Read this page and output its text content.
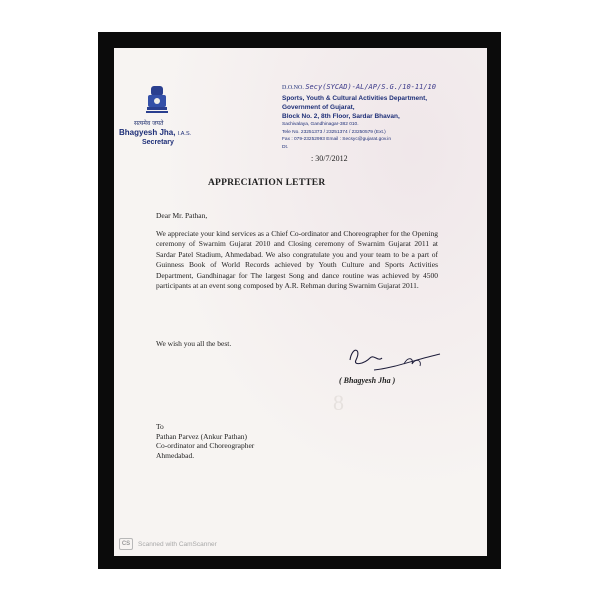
सत्यमेव जयते
Bhagyesh Jha, I.A.S.
Secretary
D.O.NO. Secy(SYCAD)-AL/AP/S.G./10-11/10
Sports, Youth & Cultural Activities Department,
Government of Gujarat,
Block No. 2, 8th Floor, Sardar Bhavan,
Sachivalaya, Gandhinagar-382 010.
Tele No. 23251373 / 23251374 / 23250579 (Ext.)
Fax : 079-23252993 Email : Secsyc@gujarat.gov.in
Dt.
: 30/7/2012
APPRECIATION LETTER
Dear Mr. Pathan,
We appreciate your kind services as a Chief Co-ordinator and Choreographer for the Opening ceremony of Swarnim Gujarat 2010 and Closing ceremony of Swarnim Gujarat 2011 at Sardar Patel Stadium, Ahmedabad. We also congratulate you and your team to be a part of Guinness Book of World Records achieved by Youth Culture and Sports Activities Department, Gandhinagar for The largest Song and dance routine was achieved by 4500 participants at an event song composed by A.R. Rehman during Swarnim Gujarat 2011.
We wish you all the best.
( Bhagyesh Jha )
8
To
Pathan Parvez (Ankur Pathan)
Co-ordinator and Choreographer
Ahmedabad.
CS	Scanned with CamScanner
